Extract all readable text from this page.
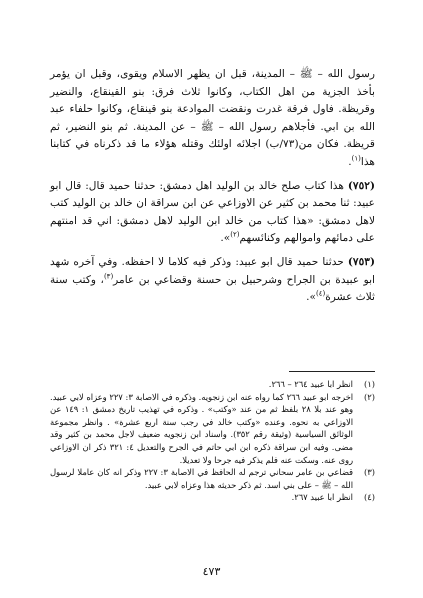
رسول الله – ﷺ – المدينة، قبل ان يظهر الاسلام ويقوى، وقبل ان يؤمر بأخذ الجزية من اهل الكتاب، وكانوا ثلاث فرق: بنو القينقاع، والنضير وقريظة. فاول فرقة غدرت ونقضت الموادعة بنو قينقاع، وكانوا حلفاء عبد الله بن ابي. فأجلاهم رسول الله – ﷺ – عن المدينة. ثم بنو النضير، ثم قريظة. فكان من(٧٣/ب) اجلائه اولئك وقتله هؤلاء ما قد ذكرناه في كتابنا هذا$^{(١)}$.

(٧٥٢) هذا كتاب صلح خالد بن الوليد اهل دمشق: حدثنا حميد قال: قال ابو عبيد: ثنا محمد بن كثير عن الاوزاعي عن ابن سراقة ان خالد بن الوليد كتب لاهل دمشق: «هذا كتاب من خالد ابن الوليد لاهل دمشق: اني قد امنتهم على دمائهم واموالهم وكنائسهم$^{(٢)}$».

(٧٥٣) حدثنا حميد قال ابو عبيد: وذكر فيه كلاما لا احفظه. وفي آخره شهد ابو عبيدة بن الجراح وشرحبيل بن حسنة وقضاعي بن عامر$^{(٣)}$، وكتب سنة ثلاث عشرة$^{(٤)}$».

(١)
انظر ابا عبيد ٢٦٤ – ٢٦٦.
(٢)
اخرجه ابو عبيد ٢٦٦ كما رواه عنه ابن زنجويه. وذكره في الاصابة ٣: ٢٢٧ وعزاه لابي عبيد. وهو عند بلا ٢٨ بلفظ ثم من عند «وكتب» . وذكره في تهذيب تاريخ دمشق ١: ١٤٩ عن الاوزاعي به نحوه. وعنده «وكتب خالد في رجب سنة اربع عشرة» . وانظر مجموعة الوثائق السياسية (وثيقة رقم ٣٥٢). واسناد ابن زنجويه ضعيف لاجل محمد بن كثير وقد مضى. وفيه ابن سراقة ذكره ابن ابي حاتم في الجرح والتعديل ٤: ٣٢١ ذكر ان الاوزاعي روى عنه. وسكت عنه فلم يذكر فيه جرحا ولا تعديلا.
(٣)
قضاعي بن عامر سحاني ترجم له الحافظ في الاصابة ٣: ٢٢٧ وذكر انه كان عاملا لرسول الله – ﷺ – على بني اسد. ثم ذكر حديثه هذا وعزاه لابي عبيد.
(٤)
انظر ابا عبيد ٢٦٧.
٤٧٣
